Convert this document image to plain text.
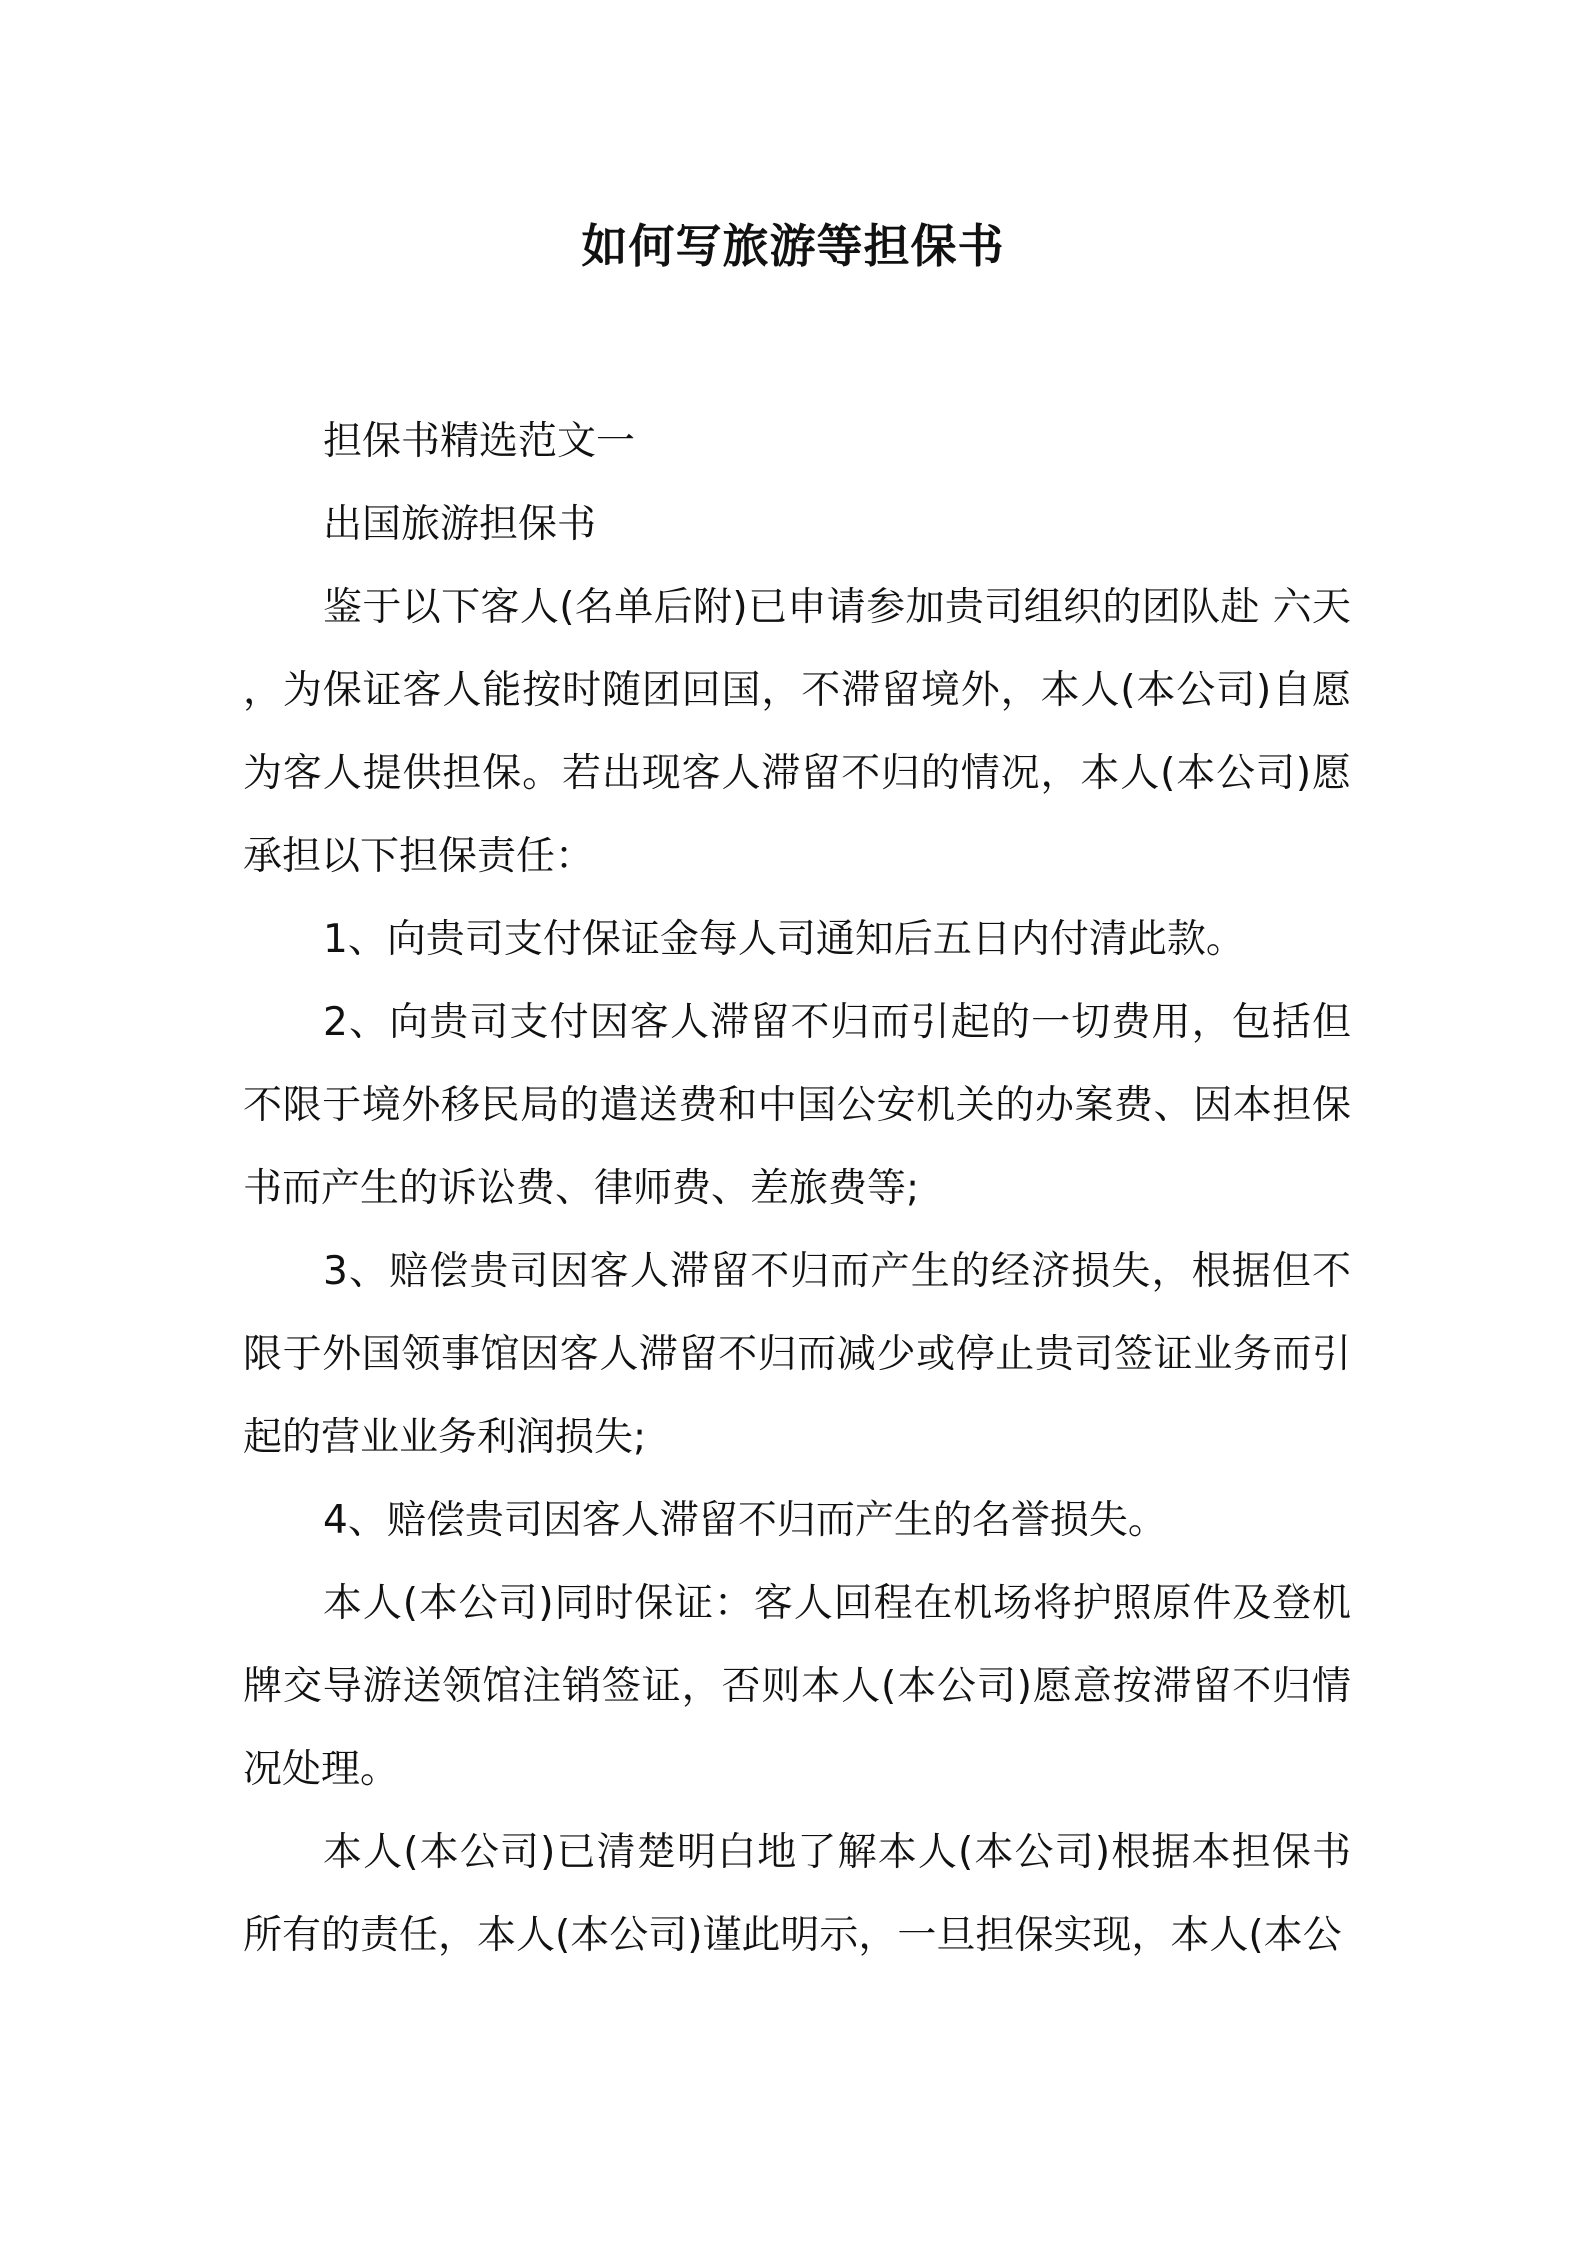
如何写旅游等担保书

担保书精选范文一

出国旅游担保书

鉴于以下客人(名单后附)已申请参加贵司组织的团队赴 六天 ，为保证客人能按时随团回国，不滞留境外，本人(本公司)自愿为客人提供担保。若出现客人滞留不归的情况，本人(本公司)愿承担以下担保责任：

1、向贵司支付保证金每人司通知后五日内付清此款。

2、向贵司支付因客人滞留不归而引起的一切费用，包括但不限于境外移民局的遣送费和中国公安机关的办案费、因本担保书而产生的诉讼费、律师费、差旅费等;

3、赔偿贵司因客人滞留不归而产生的经济损失，根据但不限于外国领事馆因客人滞留不归而减少或停止贵司签证业务而引起的营业业务利润损失;

4、赔偿贵司因客人滞留不归而产生的名誉损失。

本人(本公司)同时保证：客人回程在机场将护照原件及登机牌交导游送领馆注销签证，否则本人(本公司)愿意按滞留不归情况处理。

本人(本公司)已清楚明白地了解本人(本公司)根据本担保书所有的责任，本人(本公司)谨此明示，一旦担保实现，本人(本公
